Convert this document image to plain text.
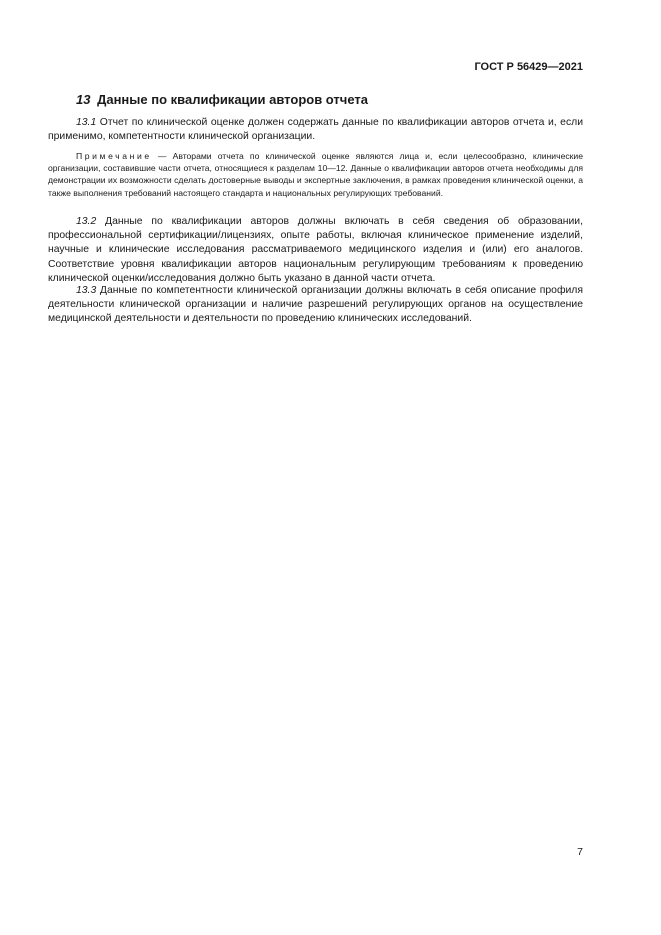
ГОСТ Р 56429—2021
13 Данные по квалификации авторов отчета

13.1 Отчет по клинической оценке должен содержать данные по квалификации авторов отчета и, если применимо, компетентности клинической организации.

Примечание — Авторами отчета по клинической оценке являются лица и, если целесообразно, клинические организации, составившие части отчета, относящиеся к разделам 10—12. Данные о квалификации авторов отчета необходимы для демонстрации их возможности сделать достоверные выводы и экспертные заключения, в рамках проведения клинической оценки, а также выполнения требований настоящего стандарта и национальных регулирующих требований.

13.2 Данные по квалификации авторов должны включать в себя сведения об образовании, профессиональной сертификации/лицензиях, опыте работы, включая клиническое применение изделий, научные и клинические исследования рассматриваемого медицинского изделия и (или) его аналогов. Соответствие уровня квалификации авторов национальным регулирующим требованиям к проведению клинической оценки/исследования должно быть указано в данной части отчета.

13.3 Данные по компетентности клинической организации должны включать в себя описание профиля деятельности клинической организации и наличие разрешений регулирующих органов на осуществление медицинской деятельности и деятельности по проведению клинических исследований.

7
